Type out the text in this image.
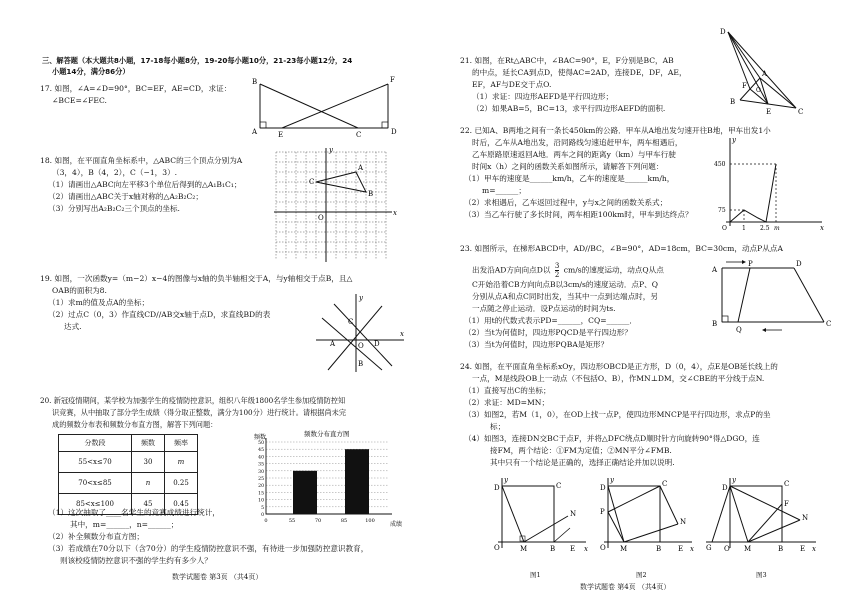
三、解答题（本大题共8小题，17-18每小题8分，19-20每小题10分，21-23每小题12分，24
小题14分，满分86分）
17. 如图，∠A=∠D=90°，BC=EF，AE=CD，求证：
∠BCE=∠FEC.
B	F
A	E	C	D
18. 如图，在平面直角坐标系中，△ABC的三个顶点分别为A
（3，4），B（4，2），C（−1，3）.
（1）请画出△ABC向左平移3个单位后得到的△A₁B₁C₁；
（2）请画出△ABC关于x轴对称的△A₂B₂C₂；
（3）分别写出A₂B₂C₂三个顶点的坐标.
y
A
C
B
O
x
19. 如图，一次函数y=（m−2）x−4的图像与x轴的负半轴相交于A，与y轴相交于点B，且△
OAB的面积为8.
（1）求m的值及点A的坐标；
（2）过点C（0，3）作直线CD//AB交x轴于点D，求直线BD的表
达式.
y
C
A	O D
x
B
20. 新冠疫情期间，某学校为加强学生的疫情防控意识，组织八年级1800名学生参加疫情防控知
识竞赛，从中抽取了部分学生成绩（得分取正整数，满分为100分）进行统计。请根据尚未完
成的频数分布表和频数分布直方图，解答下列问题：
分数段	频数	频率
55<x≤70	30	m
70<x≤85	n	0.25
85<x≤100	45	0.45
0
5
10
15
20
25
30
35
40
45
50
0	55	70	85	100
频数分布直方图
频数
成绩
（1）这次抽取了____名学生的竞赛成绩进行统计，
其中，m=______，n=______；
（2）补全频数分布直方图；
（3）若成绩在70分以下（含70分）的学生疫情防控意识不强，有待进一步加强防控意识教育，
则该校疫情防控意识不强的学生约有多少人？
数学试题卷 第3页 （共4页）
21. 如图，在Rt△ABC中，∠BAC=90°，E，F分别是BC，AB
的中点，延长CA到点D，使得AC=2AD，连接DE，DF，AE，
EF，AF与DE交于点O.
（1）求证：四边形AEFD是平行四边形；
（2）如果AB=5，BC=13，求平行四边形AEFD的面积.
D
A
F
O
B
E	C
22. 已知A、B两地之间有一条长450km的公路．甲车从A地出发匀速开往B地，甲车出发1小
时后，乙车从A地出发，沿同路线匀速追赶甲车，两车相遇后，
乙车原路原速返回A地．两车之间的距离y（km）与甲车行驶
时间x（h）之间的函数关系如图所示，请解答下列问题：
（1）甲车的速度是______km/h，乙车的速度是______km/h，
m=______；
（2）求相遇后，乙车返回过程中，y与x之间的函数关系式；
（3）当乙车行驶了多长时间，两车相距100km时，甲车到达终点？
y
450
75
O	1 2.5 m	x
23. 如图所示，在梯形ABCD中，AD//BC，∠B=90°，AD=18cm，BC=30cm，动点P从点A
出发沿AD方向向点D以 $\frac{3}{2} cm/s$的速度运动，动点Q从点
C开始沿着CB方向向点B以3cm/s的速度运动．点P、Q
分别从点A和点C同时出发，当其中一点到达端点时，另
一点随之停止运动．设P点运动的时间为ts.
（1）用t的代数式表示PD=______，CQ=______．
（2）当t为何值时，四边形PQCD是平行四边形？
（3）当t为何值时，四边形PQBA是矩形？
A
P	D
B
Q
C
24. 如图，在平面直角坐标系xOy，四边形OBCD是正方形，D（0，4），点E是OB延长线上的
一点，M是线段OB上一动点（不包括O、B），作MN⊥DM，交∠CBE的平分线于点N.
（1）直接写出C的坐标；
（2）求证：MD=MN；
（3）如图2，若M（1，0），在OD上找一点P，使四边形MNCP是平行四边形，求点P的坐
标；
（4）如图3，连接DN交BC于点F，并将△DFC绕点D顺时针方向旋转90°得△DGO，连
接FM，两个结论：①FM为定值；②MN平分∠FMB.
其中只有一个结论是正确的，选择正确结论并加以说明.
D	C
N
O	M	B E x
y
图1
D	C
N
P
O M	B E x
y
图2
D	C
F
N
G O M	B E x
y
图3
数学试题卷 第4页 （共4页）
